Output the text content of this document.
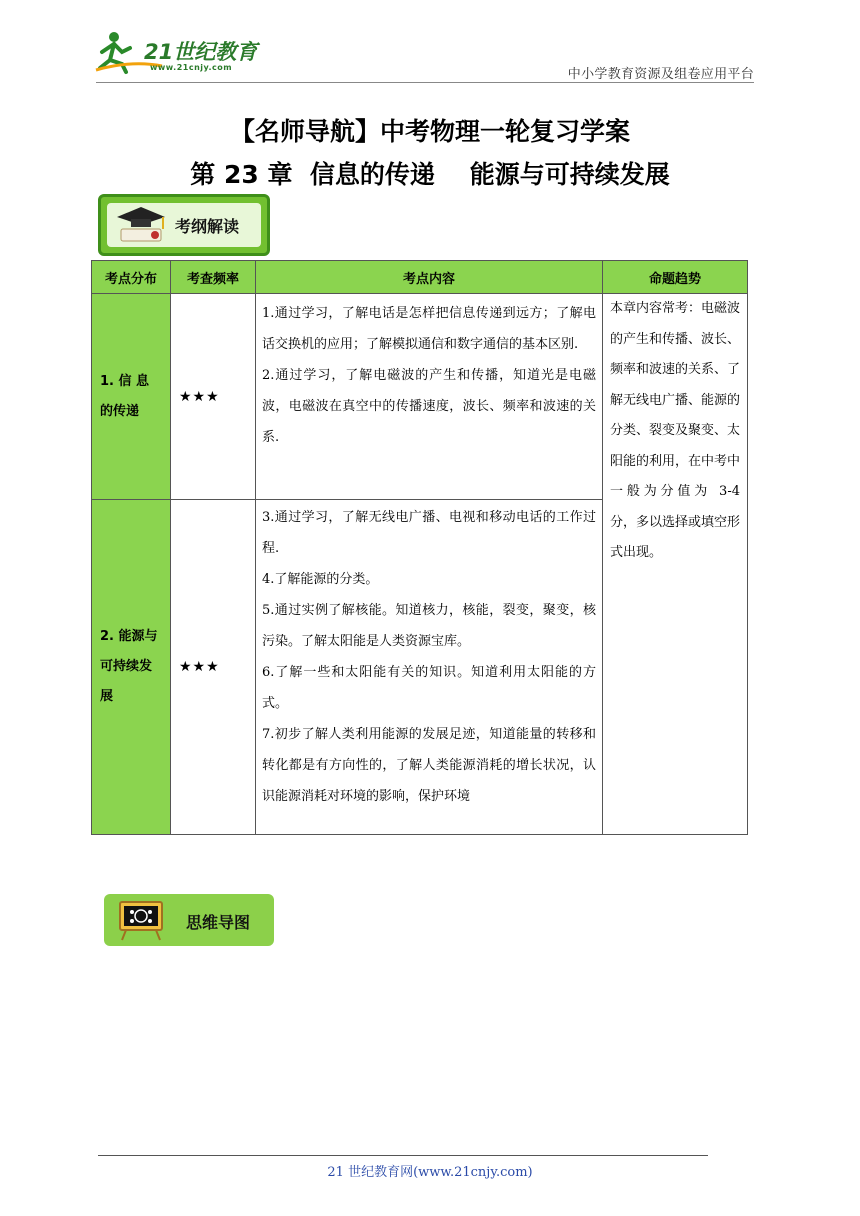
21世纪教育
www.21cnjy.com	中小学教育资源及组卷应用平台
【名师导航】中考物理一轮复习学案
第 23 章  信息的传递    能源与可持续发展
考纲解读
考点分布	考查频率	考点内容	命题趋势
1. 信 息 的传递	★★★	1.通过学习，了解电话是怎样把信息传递到远方；了解电话交换机的应用；了解模拟通信和数字通信的基本区别.
2.通过学习，了解电磁波的产生和传播，知道光是电磁波，电磁波在真空中的传播速度，波长、频率和波速的关系.	本章内容常考：电磁波的产生和传播、波长、频率和波速的关系、了解无线电广播、能源的分类、裂变及聚变、太阳能的利用，在中考中一般为分值为 3-4 分，多以选择或填空形式出现。
2. 能源与可持续发展	★★★	3.通过学习，了解无线电广播、电视和移动电话的工作过程.
4.了解能源的分类。
5.通过实例了解核能。知道核力，核能，裂变，聚变，核污染。了解太阳能是人类资源宝库。
6.了解一些和太阳能有关的知识。知道利用太阳能的方式。
7.初步了解人类利用能源的发展足迹，知道能量的转移和转化都是有方向性的，了解人类能源消耗的增长状况，认识能源消耗对环境的影响，保护环境	
思维导图
21 世纪教育网(www.21cnjy.com)
